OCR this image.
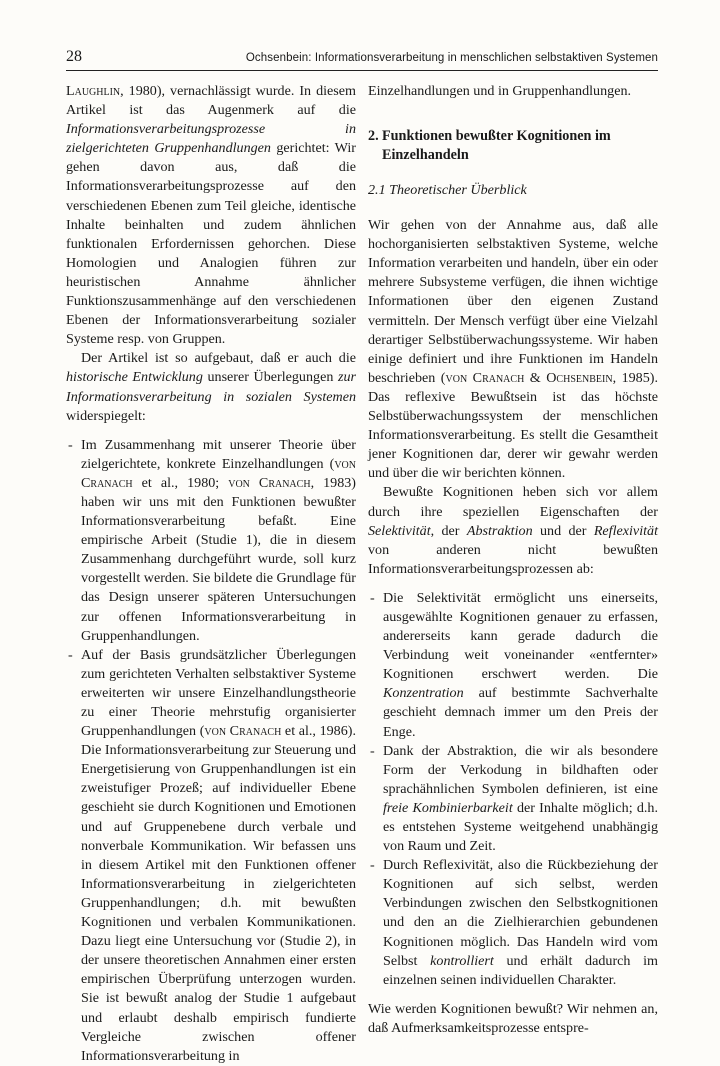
28	Ochsenbein: Informationsverarbeitung in menschlichen selbstaktiven Systemen

Laughlin, 1980), vernachlässigt wurde. In diesem Artikel ist das Augenmerk auf die Informationsverarbeitungsprozesse in zielgerichteten Gruppenhandlungen gerichtet: Wir gehen davon aus, daß die Informationsverarbeitungsprozesse auf den verschiedenen Ebenen zum Teil gleiche, identische Inhalte beinhalten und zudem ähnlichen funktionalen Erfordernissen gehorchen. Diese Homologien und Analogien führen zur heuristischen Annahme ähnlicher Funktionszusammenhänge auf den verschiedenen Ebenen der Informationsverarbeitung sozialer Systeme resp. von Gruppen.

Der Artikel ist so aufgebaut, daß er auch die historische Entwicklung unserer Überlegungen zur Informationsverarbeitung in sozialen Systemen widerspiegelt:

- Im Zusammenhang mit unserer Theorie über zielgerichtete, konkrete Einzelhandlungen (von Cranach et al., 1980; von Cranach, 1983) haben wir uns mit den Funktionen bewußter Informationsverarbeitung befaßt. Eine empirische Arbeit (Studie 1), die in diesem Zusammenhang durchgeführt wurde, soll kurz vorgestellt werden. Sie bildete die Grundlage für das Design unserer späteren Untersuchungen zur offenen Informationsverarbeitung in Gruppenhandlungen.
- Auf der Basis grundsätzlicher Überlegungen zum gerichteten Verhalten selbstaktiver Systeme erweiterten wir unsere Einzelhandlungstheorie zu einer Theorie mehrstufig organisierter Gruppenhandlungen (von Cranach et al., 1986). Die Informationsverarbeitung zur Steuerung und Energetisierung von Gruppenhandlungen ist ein zweistufiger Prozeß; auf individueller Ebene geschieht sie durch Kognitionen und Emotionen und auf Gruppenebene durch verbale und nonverbale Kommunikation. Wir befassen uns in diesem Artikel mit den Funktionen offener Informationsverarbeitung in zielgerichteten Gruppenhandlungen; d.h. mit bewußten Kognitionen und verbalen Kommunikationen. Dazu liegt eine Untersuchung vor (Studie 2), in der unsere theoretischen Annahmen einer ersten empirischen Überprüfung unterzogen wurden. Sie ist bewußt analog der Studie 1 aufgebaut und erlaubt deshalb empirisch fundierte Vergleiche zwischen offener Informationsverarbeitung in

Einzelhandlungen und in Gruppenhandlungen.

2. Funktionen bewußter Kognitionen im
Einzelhandeln
2.1 Theoretischer Überblick

Wir gehen von der Annahme aus, daß alle hochorganisierten selbstaktiven Systeme, welche Information verarbeiten und handeln, über ein oder mehrere Subsysteme verfügen, die ihnen wichtige Informationen über den eigenen Zustand vermitteln. Der Mensch verfügt über eine Vielzahl derartiger Selbstüberwachungssysteme. Wir haben einige definiert und ihre Funktionen im Handeln beschrieben (von Cranach & Ochsenbein, 1985). Das reflexive Bewußtsein ist das höchste Selbstüberwachungssystem der menschlichen Informationsverarbeitung. Es stellt die Gesamtheit jener Kognitionen dar, derer wir gewahr werden und über die wir berichten können.

Bewußte Kognitionen heben sich vor allem durch ihre speziellen Eigenschaften der Selektivität, der Abstraktion und der Reflexivität von anderen nicht bewußten Informationsverarbeitungsprozessen ab:

- Die Selektivität ermöglicht uns einerseits, ausgewählte Kognitionen genauer zu erfassen, andererseits kann gerade dadurch die Verbindung weit voneinander «entfernter» Kognitionen erschwert werden. Die Konzentration auf bestimmte Sachverhalte geschieht demnach immer um den Preis der Enge.
- Dank der Abstraktion, die wir als besondere Form der Verkodung in bildhaften oder sprachähnlichen Symbolen definieren, ist eine freie Kombinierbarkeit der Inhalte möglich; d.h. es entstehen Systeme weitgehend unabhängig von Raum und Zeit.
- Durch Reflexivität, also die Rückbeziehung der Kognitionen auf sich selbst, werden Verbindungen zwischen den Selbstkognitionen und den an die Zielhierarchien gebundenen Kognitionen möglich. Das Handeln wird vom Selbst kontrolliert und erhält dadurch im einzelnen seinen individuellen Charakter.

Wie werden Kognitionen bewußt? Wir nehmen an, daß Aufmerksamkeitsprozesse entspre-
